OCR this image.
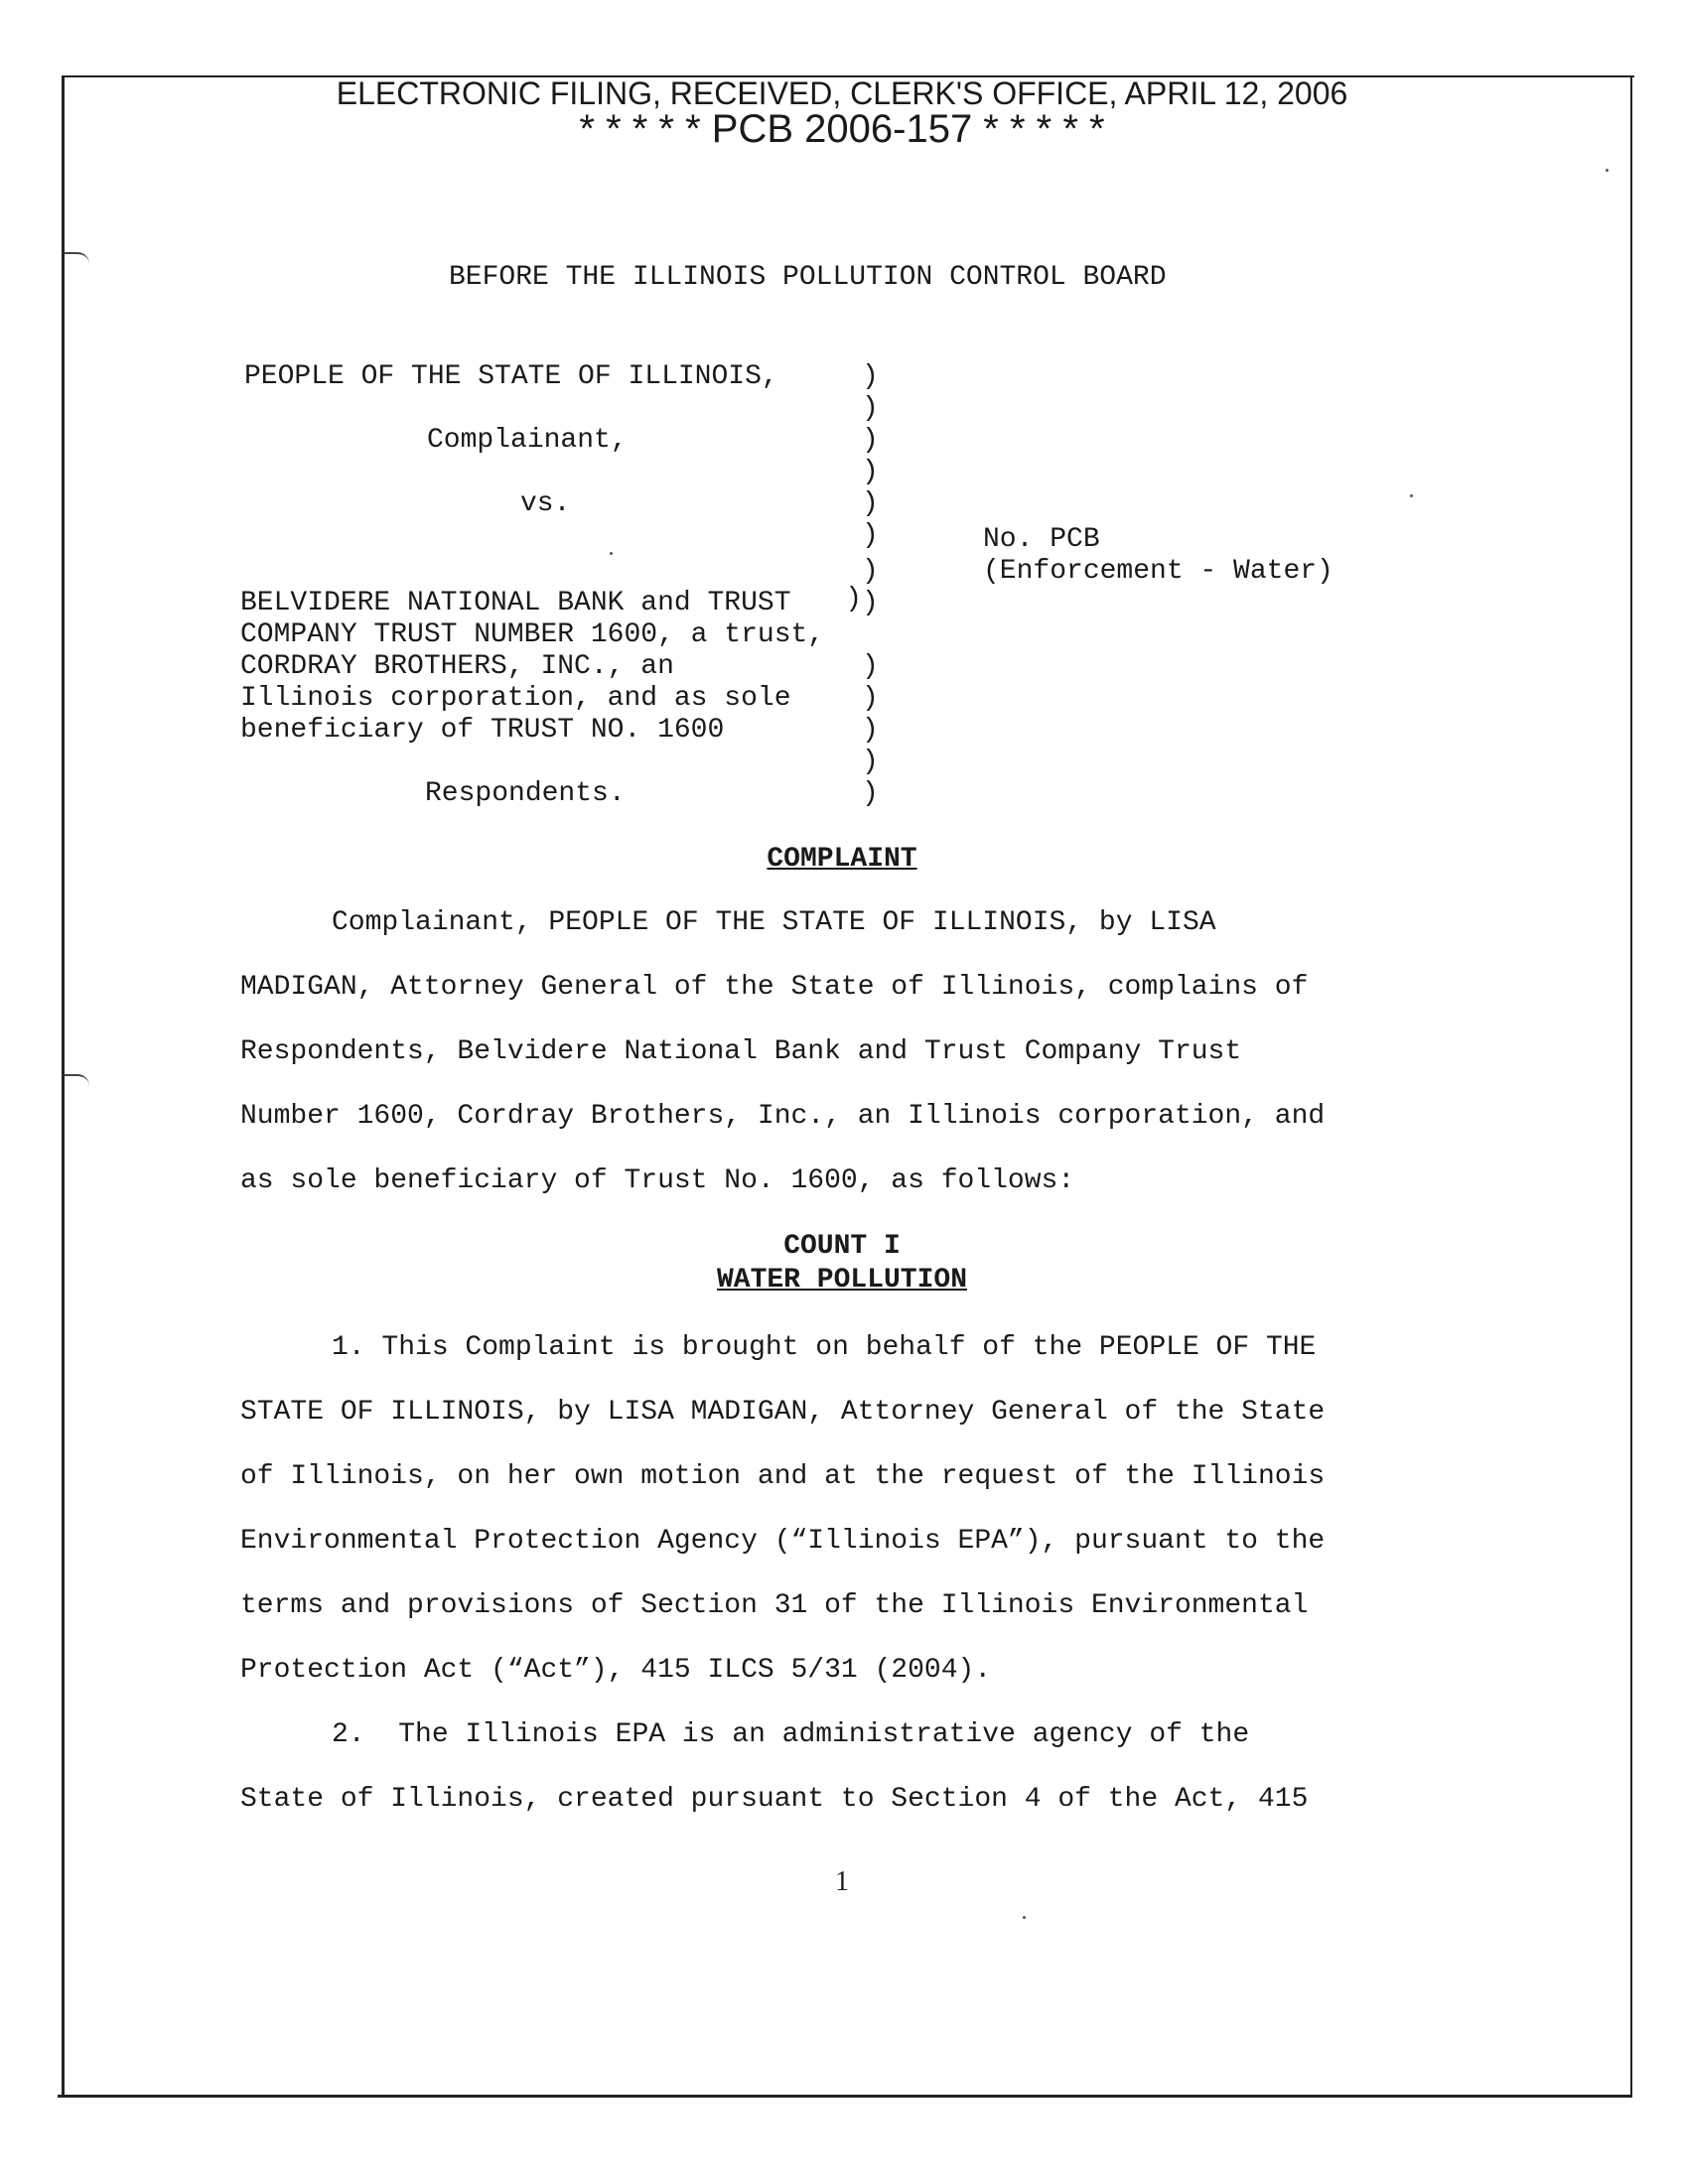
ELECTRONIC FILING, RECEIVED, CLERK'S OFFICE, APRIL 12, 2006
* * * * * PCB 2006-157 * * * * *
BEFORE THE ILLINOIS POLLUTION CONTROL BOARD
PEOPLE OF THE STATE OF ILLINOIS,
Complainant,
vs.
BELVIDERE NATIONAL BANK and TRUST
COMPANY TRUST NUMBER 1600, a trust,
CORDRAY BROTHERS, INC., an
Illinois corporation, and as sole
beneficiary of TRUST NO. 1600
Respondents.
)
)
)
)
)
)
)
)
)
)
)
)
)
)
No. PCB
(Enforcement - Water)
COMPLAINT
Complainant, PEOPLE OF THE STATE OF ILLINOIS, by LISA
MADIGAN, Attorney General of the State of Illinois, complains of
Respondents, Belvidere National Bank and Trust Company Trust
Number 1600, Cordray Brothers, Inc., an Illinois corporation, and
as sole beneficiary of Trust No. 1600, as follows:
COUNT I
WATER POLLUTION
1. This Complaint is brought on behalf of the PEOPLE OF THE
STATE OF ILLINOIS, by LISA MADIGAN, Attorney General of the State
of Illinois, on her own motion and at the request of the Illinois
Environmental Protection Agency (“Illinois EPA”), pursuant to the
terms and provisions of Section 31 of the Illinois Environmental
Protection Act (“Act”), 415 ILCS 5/31 (2004).
2.  The Illinois EPA is an administrative agency of the
State of Illinois, created pursuant to Section 4 of the Act, 415
1
